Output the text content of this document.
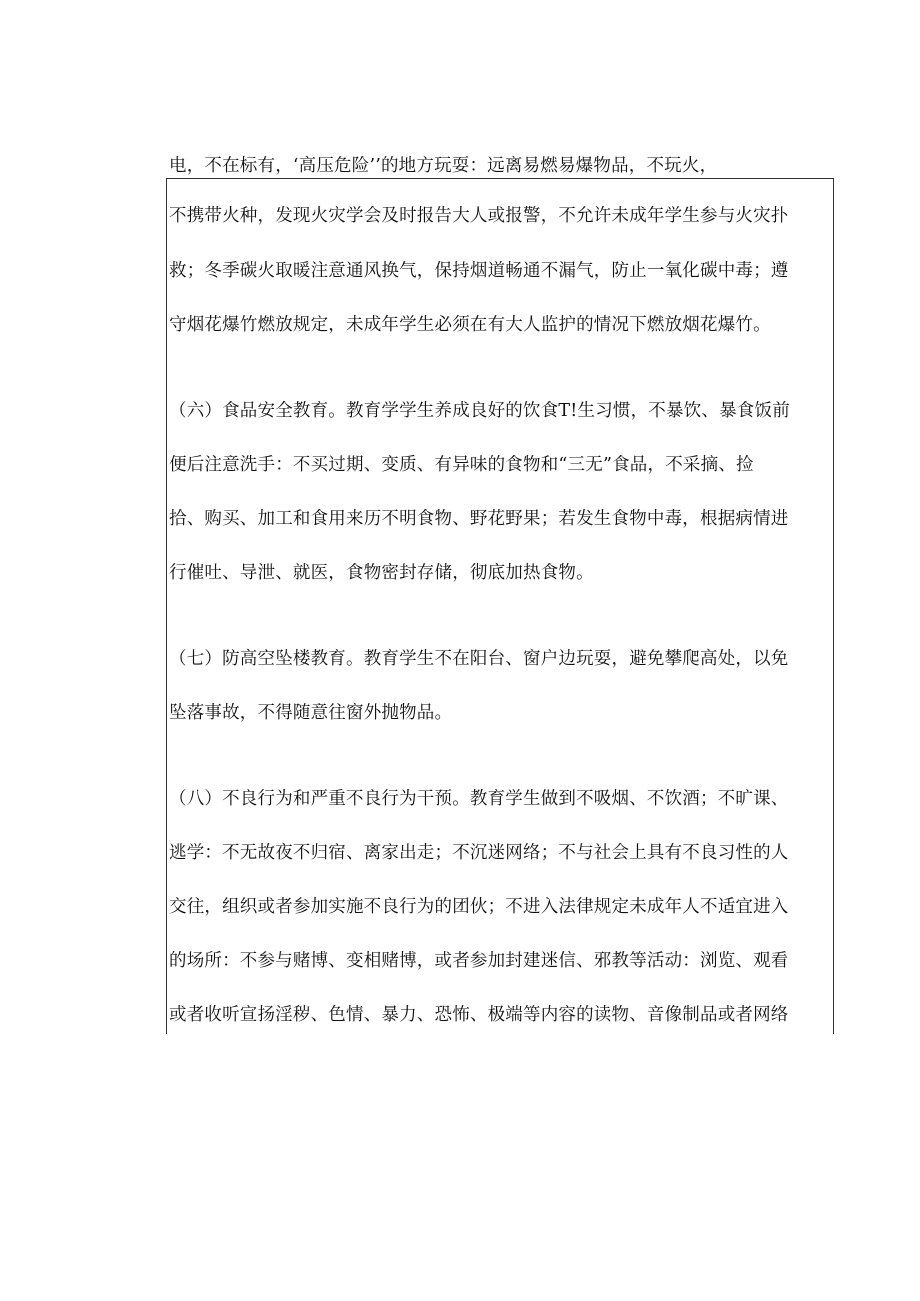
电，不在标有，‘高压危险’’的地方玩耍：远离易燃易爆物品，不玩火，
不携带火种，发现火灾学会及时报告大人或报警，不允许未成年学生参与火灾扑
救；冬季碳火取暖注意通风换气，保持烟道畅通不漏气，防止一氧化碳中毒；遵
守烟花爆竹燃放规定，未成年学生必须在有大人监护的情况下燃放烟花爆竹。
（六）食品安全教育。教育学学生养成良好的饮食T!生习惯，不暴饮、暴食饭前
便后注意洗手：不买过期、变质、有异味的食物和“三无”食品，不采摘、捡
拾、购买、加工和食用来历不明食物、野花野果；若发生食物中毒，根据病情进
行催吐、导泄、就医，食物密封存储，彻底加热食物。
（七）防高空坠楼教育。教育学生不在阳台、窗户边玩耍，避免攀爬高处，以免
坠落事故，不得随意往窗外抛物品。
（八）不良行为和严重不良行为干预。教育学生做到不吸烟、不饮酒；不旷课、
逃学：不无故夜不归宿、离家出走；不沉迷网络；不与社会上具有不良习性的人
交往，组织或者参加实施不良行为的团伙；不进入法律规定未成年人不适宜进入
的场所：不参与赌博、变相赌博，或者参加封建迷信、邪教等活动：浏览、观看
或者收听宣扬淫秽、色情、暴力、恐怖、极端等内容的读物、音像制品或者网络
